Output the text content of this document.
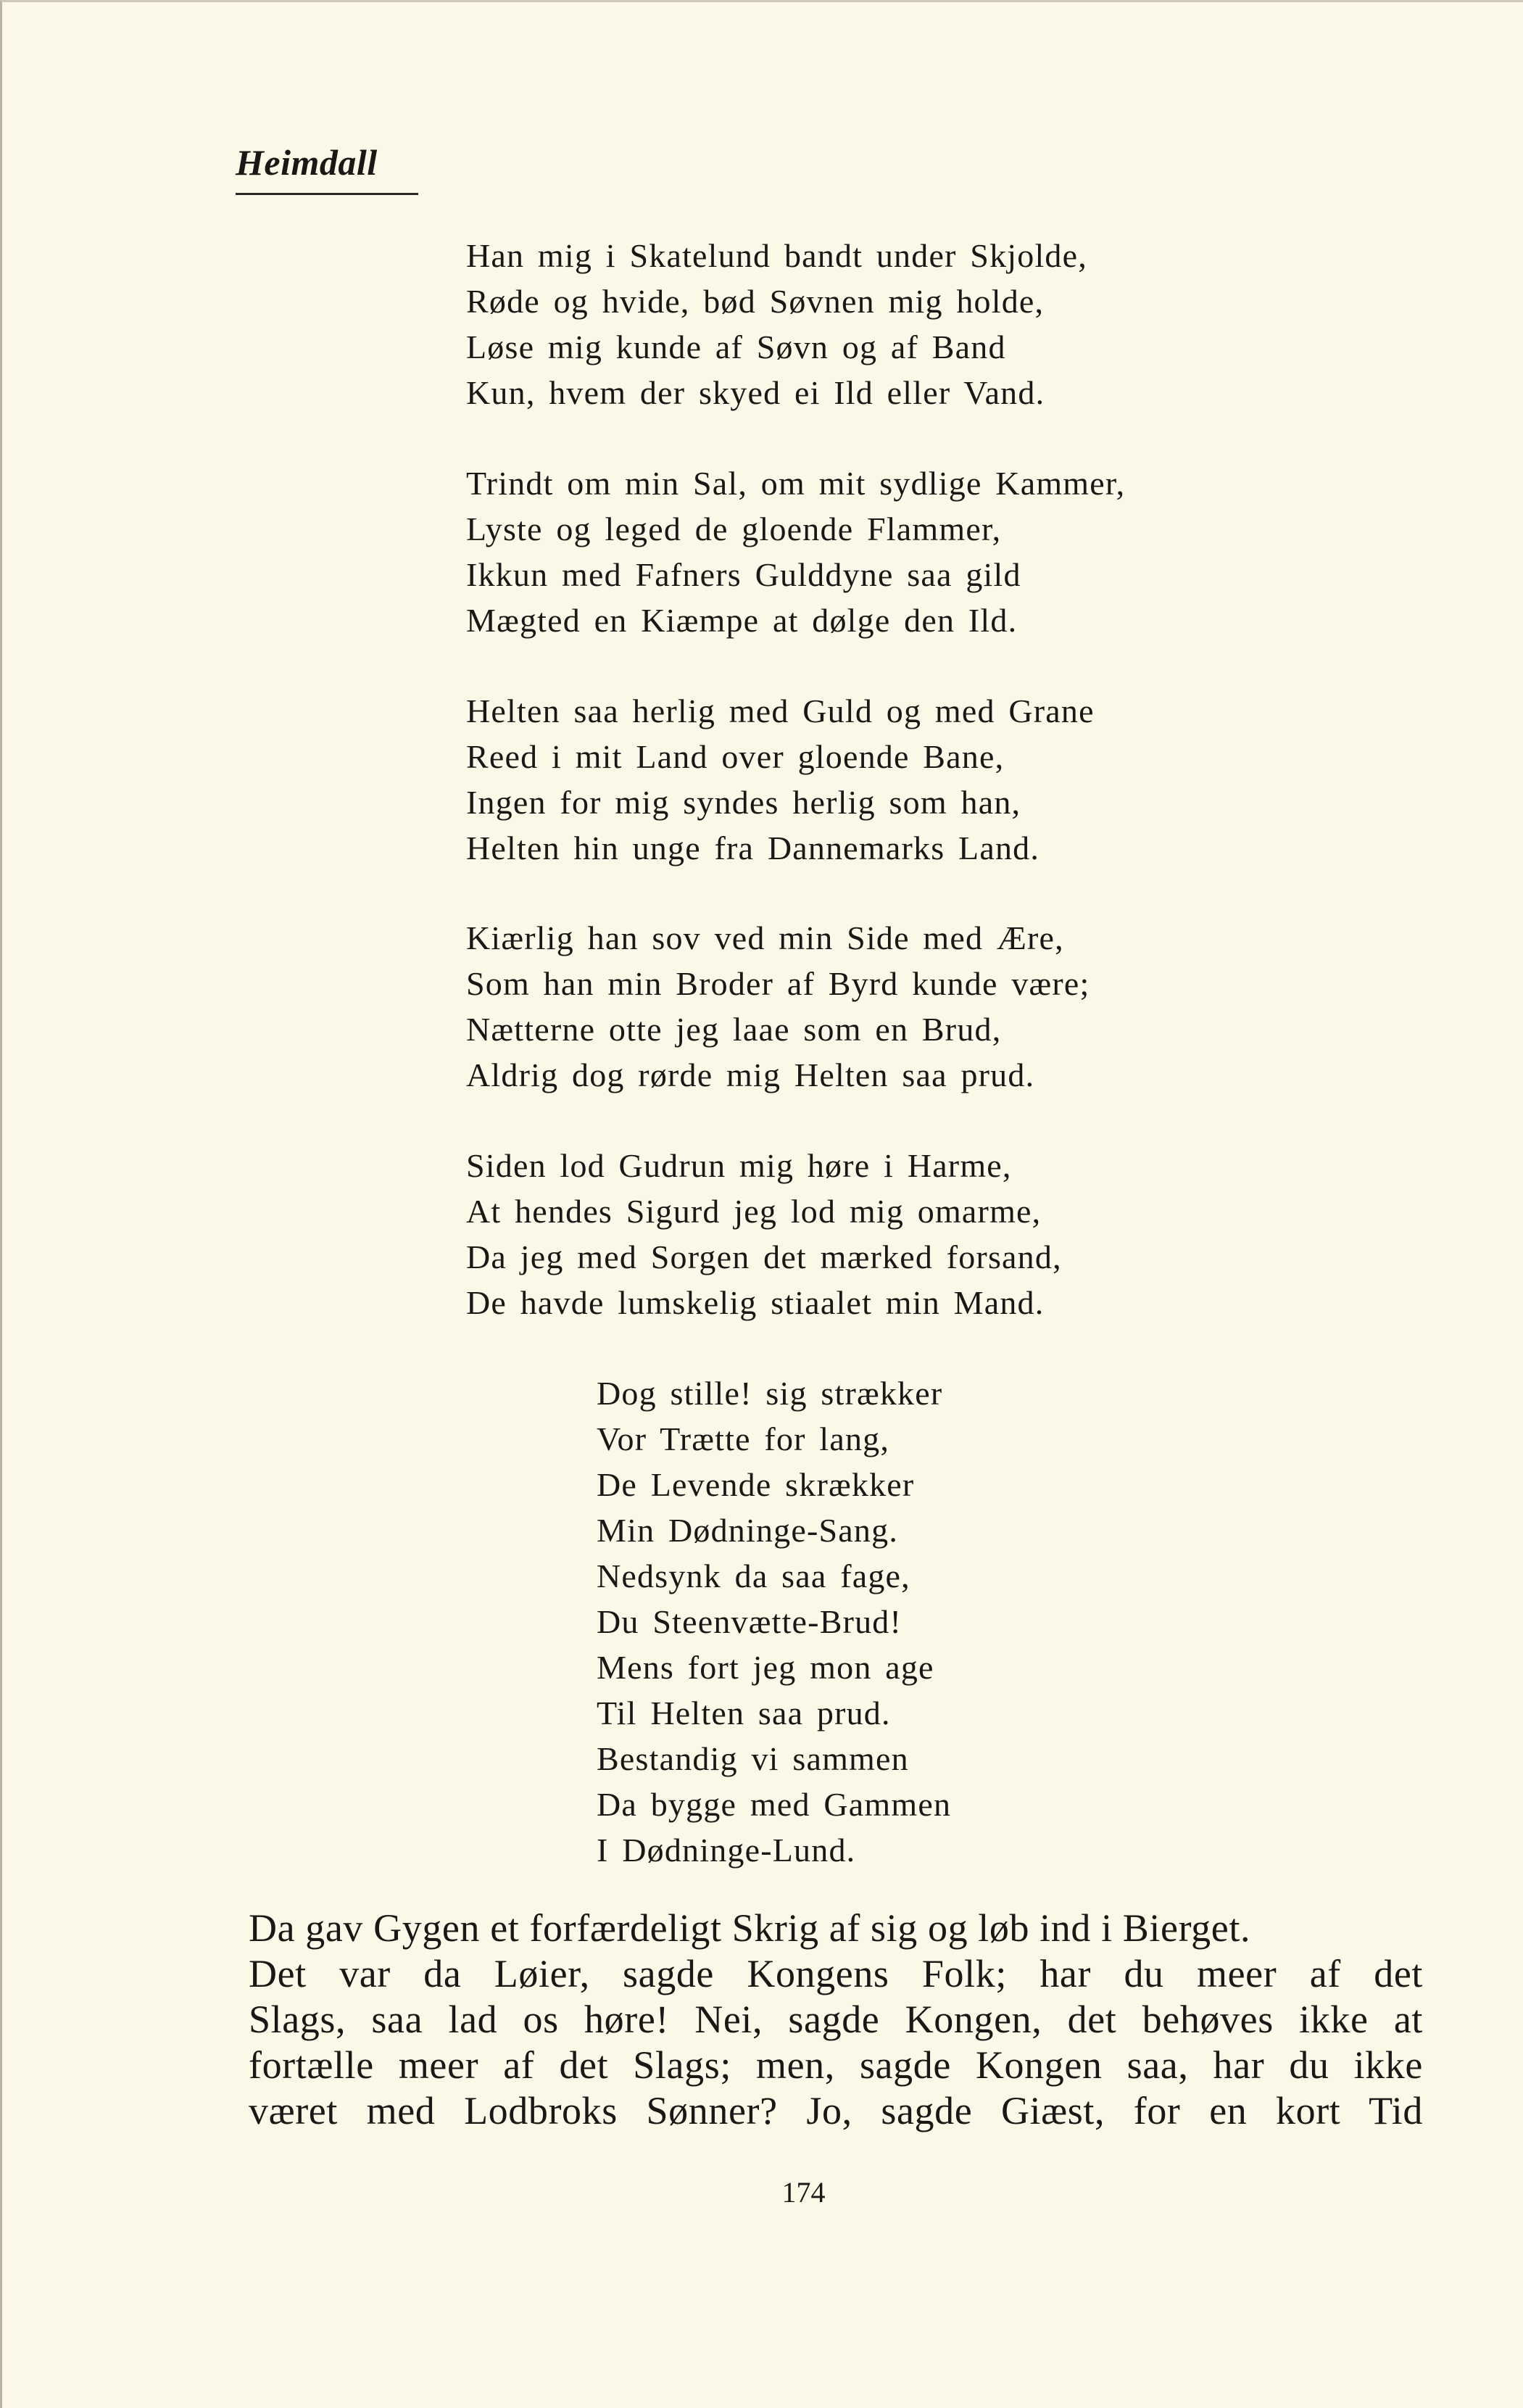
Heimdall

Han mig i Skatelund bandt under Skjolde,
Røde og hvide, bød Søvnen mig holde,
Løse mig kunde af Søvn og af Band
Kun, hvem der skyed ei Ild eller Vand.

Trindt om min Sal, om mit sydlige Kammer,
Lyste og leged de gloende Flammer,
Ikkun med Fafners Gulddyne saa gild
Mægted en Kiæmpe at dølge den Ild.

Helten saa herlig med Guld og med Grane
Reed i mit Land over gloende Bane,
Ingen for mig syndes herlig som han,
Helten hin unge fra Dannemarks Land.

Kiærlig han sov ved min Side med Ære,
Som han min Broder af Byrd kunde være;
Nætterne otte jeg laae som en Brud,
Aldrig dog rørde mig Helten saa prud.

Siden lod Gudrun mig høre i Harme,
At hendes Sigurd jeg lod mig omarme,
Da jeg med Sorgen det mærked forsand,
De havde lumskelig stiaalet min Mand.

Dog stille! sig strækker
Vor Trætte for lang,
De Levende skrækker
Min Dødninge-Sang.
Nedsynk da saa fage,
Du Steenvætte-Brud!
Mens fort jeg mon age
Til Helten saa prud.
Bestandig vi sammen
Da bygge med Gammen
I Dødninge-Lund.

Da gav Gygen et forfærdeligt Skrig af sig og løb ind i Bierget.
Det var da Løier, sagde Kongens Folk; har du meer af det
Slags, saa lad os høre! Nei, sagde Kongen, det behøves ikke at
fortælle meer af det Slags; men, sagde Kongen saa, har du ikke
været med Lodbroks Sønner? Jo, sagde Giæst, for en kort Tid

174
